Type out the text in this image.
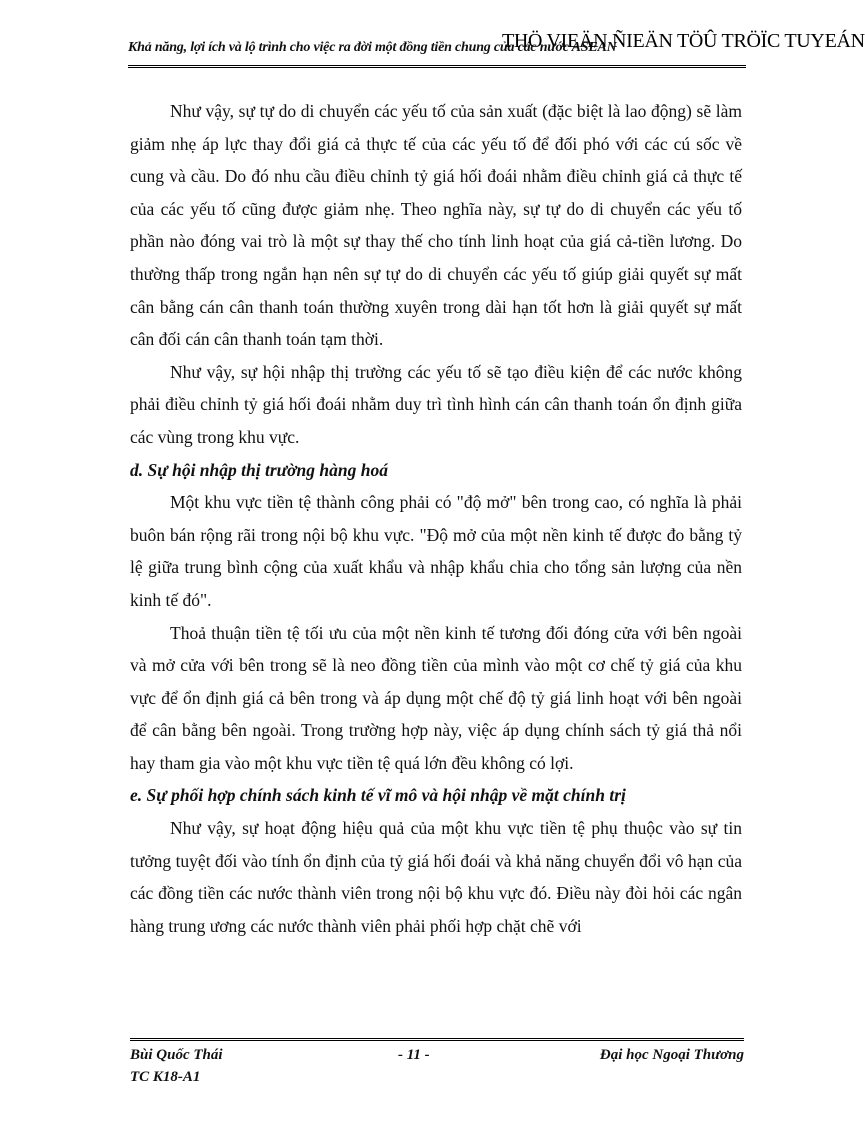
Khả năng, lợi ích và lộ trình cho việc ra đời một đồng tiền chung của các nước ASEAN
THÖ VIEÄN ÑIEÄN TÖÛ TRÖÏC TUYEÁN

Như vậy, sự tự do di chuyển các yếu tố của sản xuất (đặc biệt là lao động) sẽ làm giảm nhẹ áp lực thay đổi giá cả thực tế của các yếu tố để đối phó với các cú sốc về cung và cầu. Do đó nhu cầu điều chỉnh tỷ giá hối đoái nhằm điều chỉnh giá cả thực tế của các yếu tố cũng được giảm nhẹ. Theo nghĩa này, sự tự do di chuyển các yếu tố phần nào đóng vai trò là một sự thay thế cho tính linh hoạt của giá cả-tiền lương. Do thường thấp trong ngắn hạn nên sự tự do di chuyển các yếu tố giúp giải quyết sự mất cân bằng cán cân thanh toán thường xuyên trong dài hạn tốt hơn là giải quyết sự mất cân đối cán cân thanh toán tạm thời.

Như vậy, sự hội nhập thị trường các yếu tố sẽ tạo điều kiện để các nước không phải điều chỉnh tỷ giá hối đoái nhằm duy trì tình hình cán cân thanh toán ổn định giữa các vùng trong khu vực.

d. Sự hội nhập thị trường hàng hoá

Một khu vực tiền tệ thành công phải có "độ mở" bên trong cao, có nghĩa là phải buôn bán rộng rãi trong nội bộ khu vực. "Độ mở của một nền kinh tế được đo bằng tỷ lệ giữa trung bình cộng của xuất khẩu và nhập khẩu chia cho tổng sản lượng của nền kinh tế đó".

Thoả thuận tiền tệ tối ưu của một nền kinh tế tương đối đóng cửa với bên ngoài và mở cửa với bên trong sẽ là neo đồng tiền của mình vào một cơ chế tỷ giá của khu vực để ổn định giá cả bên trong và áp dụng một chế độ tỷ giá linh hoạt với bên ngoài để cân bằng bên ngoài. Trong trường hợp này, việc áp dụng chính sách tỷ giá thả nổi hay tham gia vào một khu vực tiền tệ quá lớn đều không có lợi.

e. Sự phối hợp chính sách kinh tế vĩ mô và hội nhập về mặt chính trị

Như vậy, sự hoạt động hiệu quả của một khu vực tiền tệ phụ thuộc vào sự tin tưởng tuyệt đối vào tính ổn định của tỷ giá hối đoái và khả năng chuyển đổi vô hạn của các đồng tiền các nước thành viên trong nội bộ khu vực đó. Điều này đòi hỏi các ngân hàng trung ương các nước thành viên phải phối hợp chặt chẽ với

Bùi Quốc Thái
TC K18-A1
- 11 -	Đại học Ngoại Thương
